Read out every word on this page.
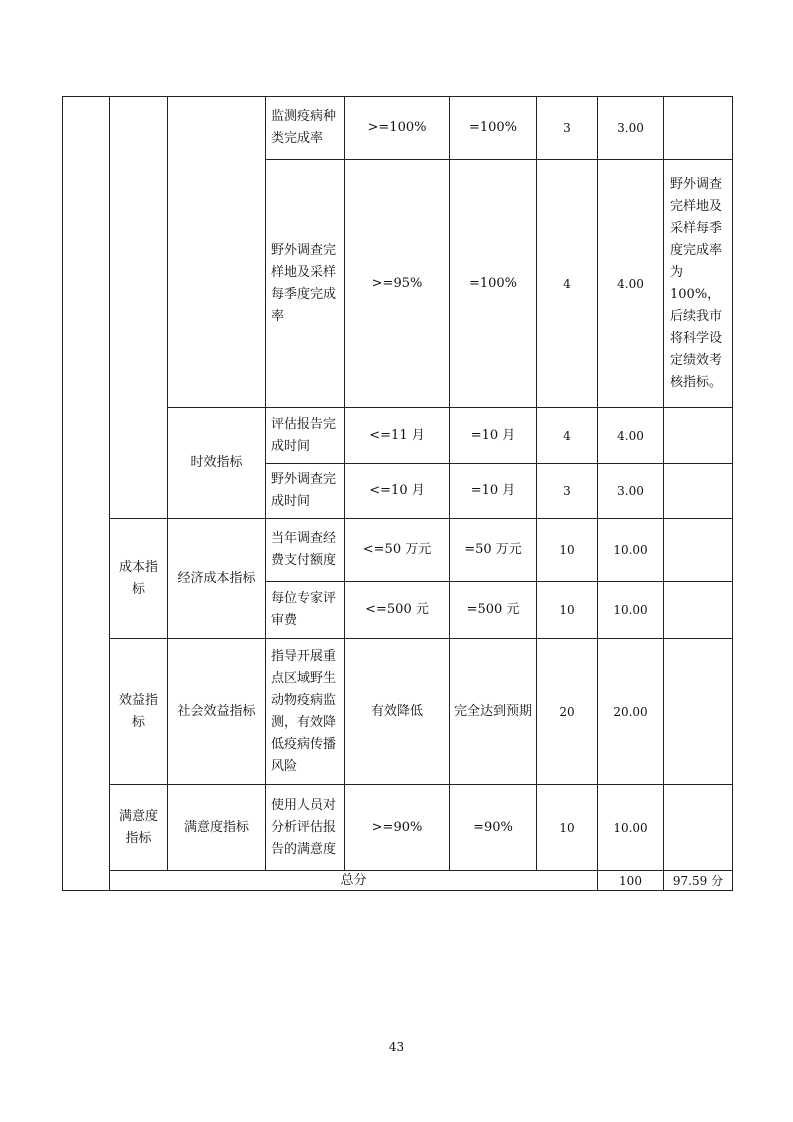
			监测疫病种类完成率	>=100%	=100%	3	3.00		
			野外调查完样地及采样每季度完成率	>=95%	=100%	4	4.00	野外调查完样地及采样每季度完成率为100%，后续我市将科学设定绩效考核指标。	
		时效指标	评估报告完成时间	<=11 月	=10 月	4	4.00		
			野外调查完成时间	<=10 月	=10 月	3	3.00		
	成本指标	经济成本指标	当年调查经费支付额度	<=50 万元	=50 万元	10	10.00		
			每位专家评审费	<=500 元	=500 元	10	10.00		
	效益指标	社会效益指标	指导开展重点区域野生动物疫病监测，有效降低疫病传播风险	有效降低	完全达到预期	20	20.00		
	满意度指标	满意度指标	使用人员对分析评估报告的满意度	>=90%	=90%	10	10.00		
	总分						100	97.59 分	
43
